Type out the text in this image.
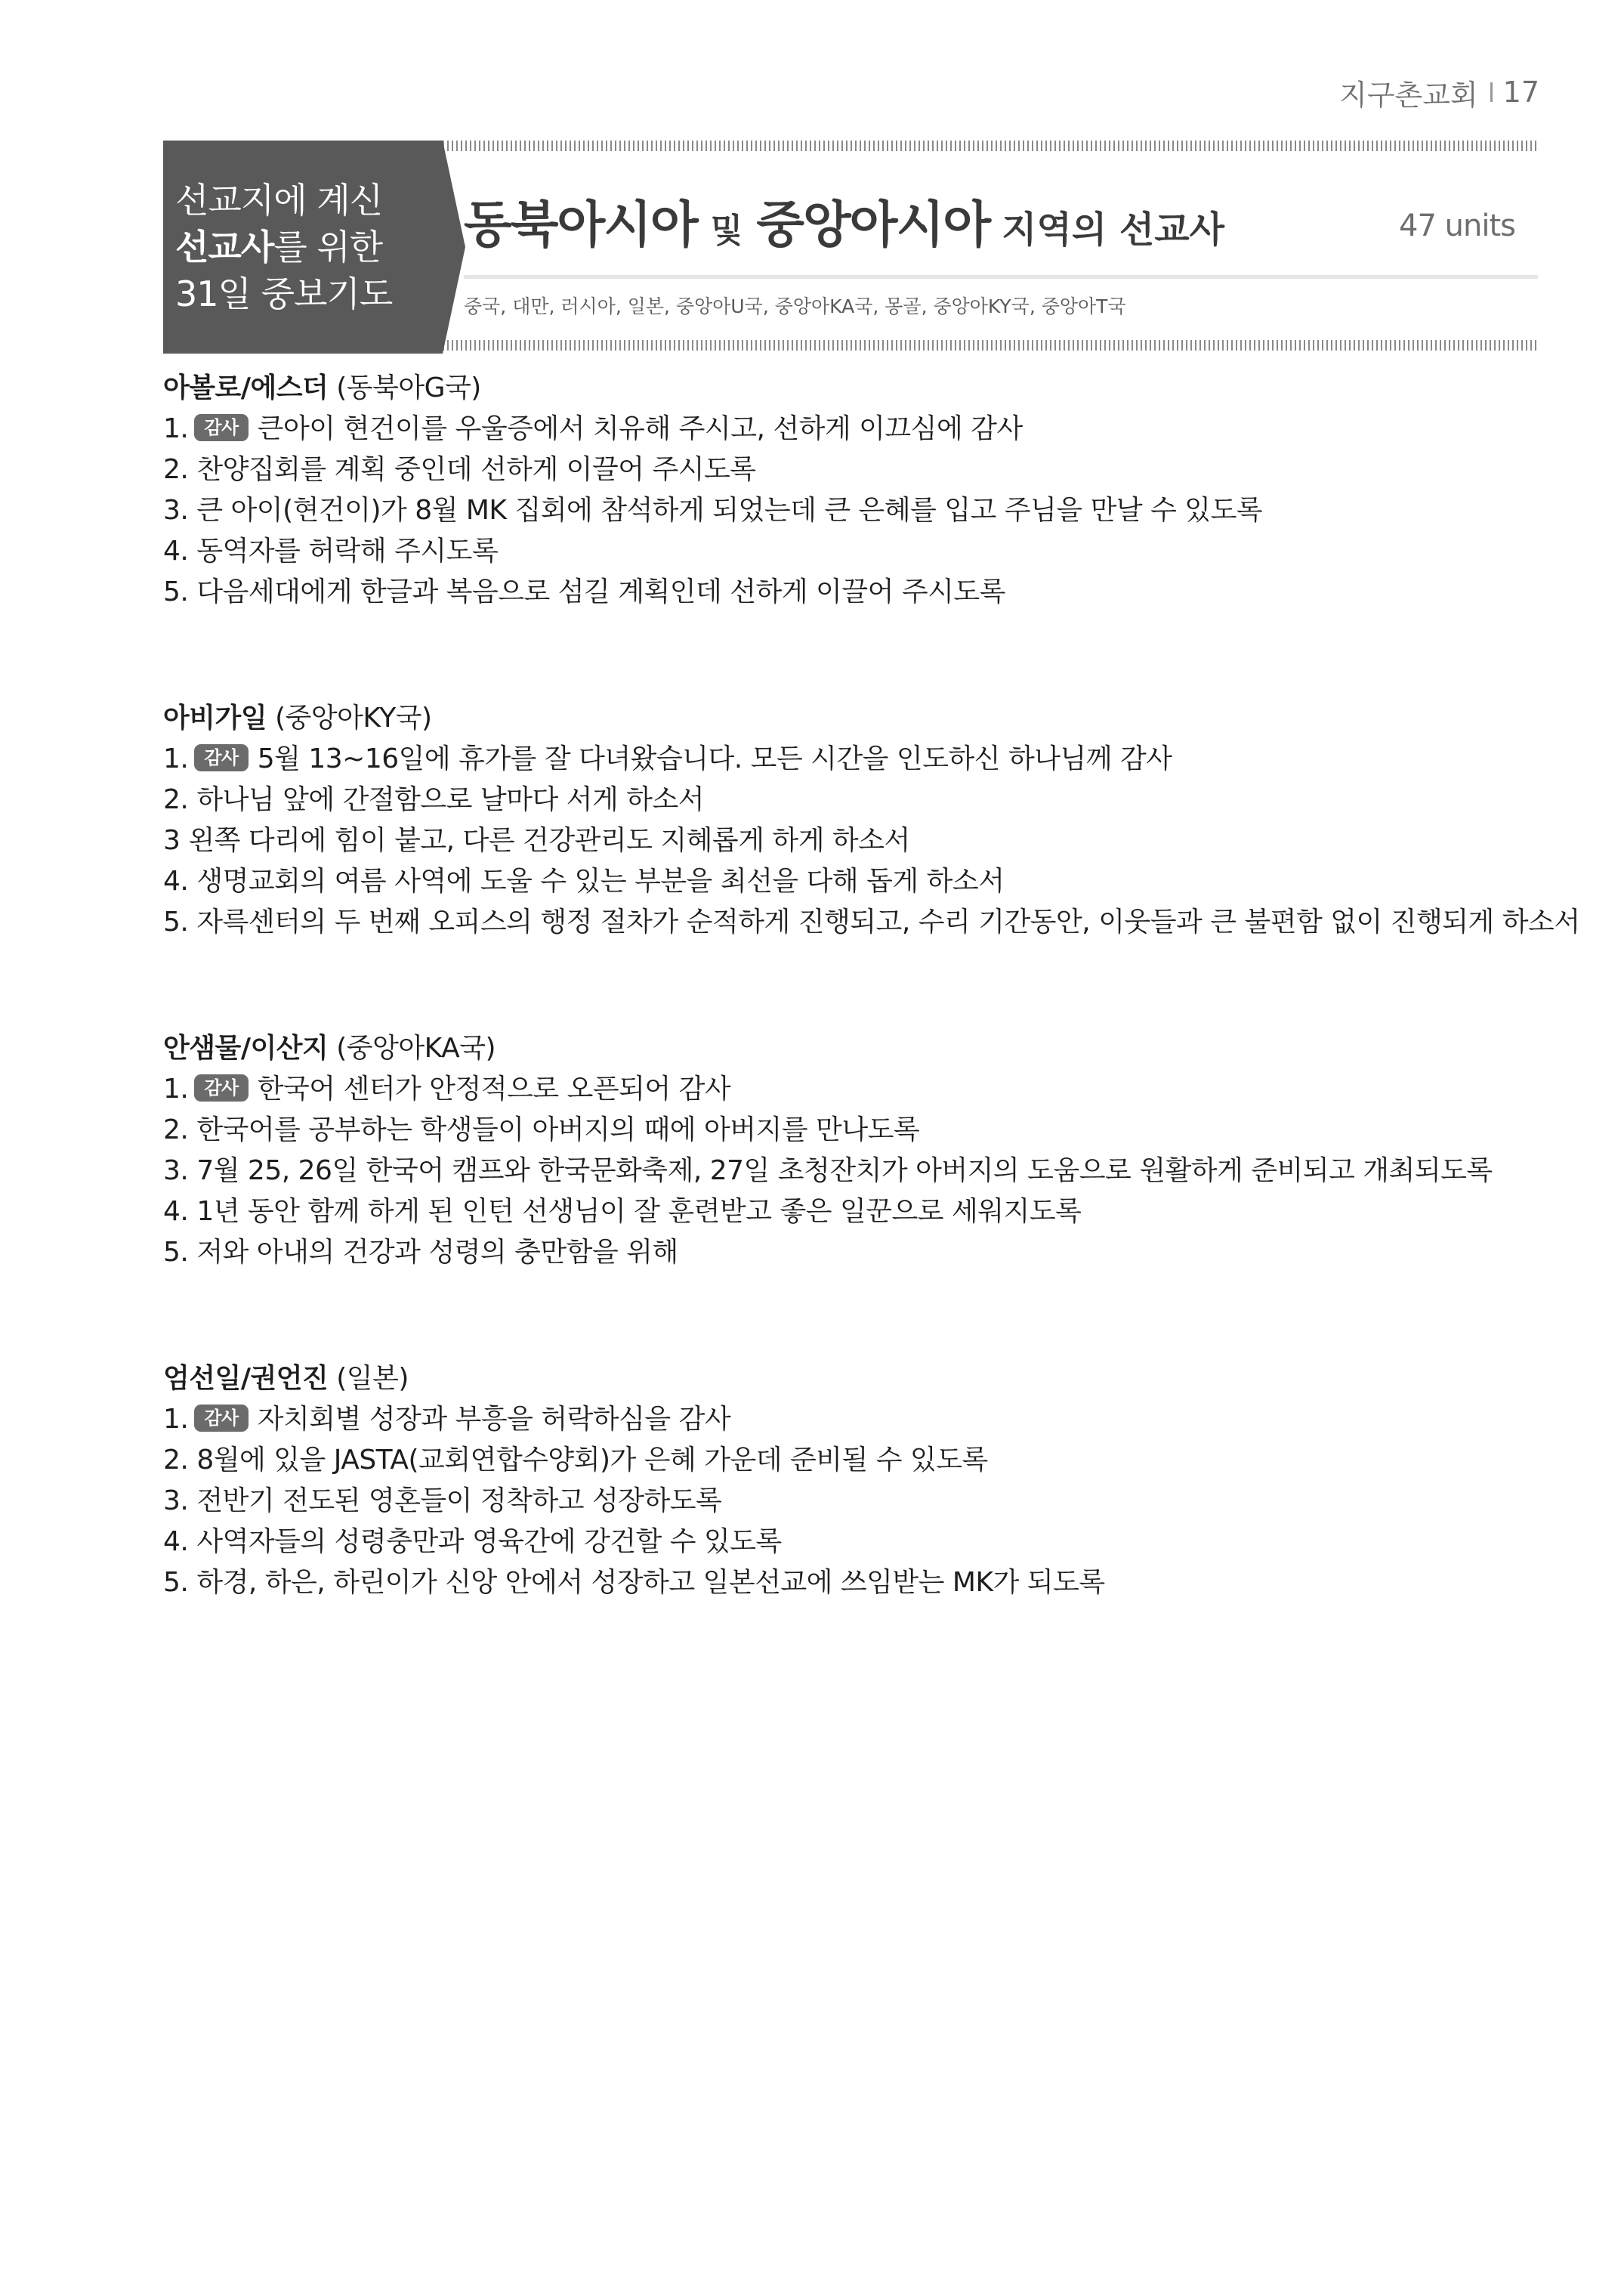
지구촌교회 17
선교지에 계신
선교사를 위한
31일 중보기도
동북아시아 및 중앙아시아 지역의 선교사	47 units
중국, 대만, 러시아, 일본, 중앙아U국, 중앙아KA국, 몽골, 중앙아KY국, 중앙아T국
아볼로/에스더 (동북아G국)
1. 감사 큰아이 현건이를 우울증에서 치유해 주시고, 선하게 이끄심에 감사
2. 찬양집회를 계획 중인데 선하게 이끌어 주시도록
3. 큰 아이(현건이)가 8월 MK 집회에 참석하게 되었는데 큰 은혜를 입고 주님을 만날 수 있도록
4. 동역자를 허락해 주시도록
5. 다음세대에게 한글과 복음으로 섬길 계획인데 선하게 이끌어 주시도록
아비가일 (중앙아KY국)
1. 감사 5월 13~16일에 휴가를 잘 다녀왔습니다. 모든 시간을 인도하신 하나님께 감사
2. 하나님 앞에 간절함으로 날마다 서게 하소서
3 왼쪽 다리에 힘이 붙고, 다른 건강관리도 지혜롭게 하게 하소서
4. 생명교회의 여름 사역에 도울 수 있는 부분을 최선을 다해 돕게 하소서
5. 자륵센터의 두 번째 오피스의 행정 절차가 순적하게 진행되고, 수리 기간동안, 이웃들과 큰 불편함 없이 진행되게 하소서
안샘물/이산지 (중앙아KA국)
1. 감사 한국어 센터가 안정적으로 오픈되어 감사
2. 한국어를 공부하는 학생들이 아버지의 때에 아버지를 만나도록
3. 7월 25, 26일 한국어 캠프와 한국문화축제, 27일 초청잔치가 아버지의 도움으로 원활하게 준비되고 개최되도록
4. 1년 동안 함께 하게 된 인턴 선생님이 잘 훈련받고 좋은 일꾼으로 세워지도록
5. 저와 아내의 건강과 성령의 충만함을 위해
엄선일/권언진 (일본)
1. 감사 자치회별 성장과 부흥을 허락하심을 감사
2. 8월에 있을 JASTA(교회연합수양회)가 은혜 가운데 준비될 수 있도록
3. 전반기 전도된 영혼들이 정착하고 성장하도록
4. 사역자들의 성령충만과 영육간에 강건할 수 있도록
5. 하경, 하은, 하린이가 신앙 안에서 성장하고 일본선교에 쓰임받는 MK가 되도록
